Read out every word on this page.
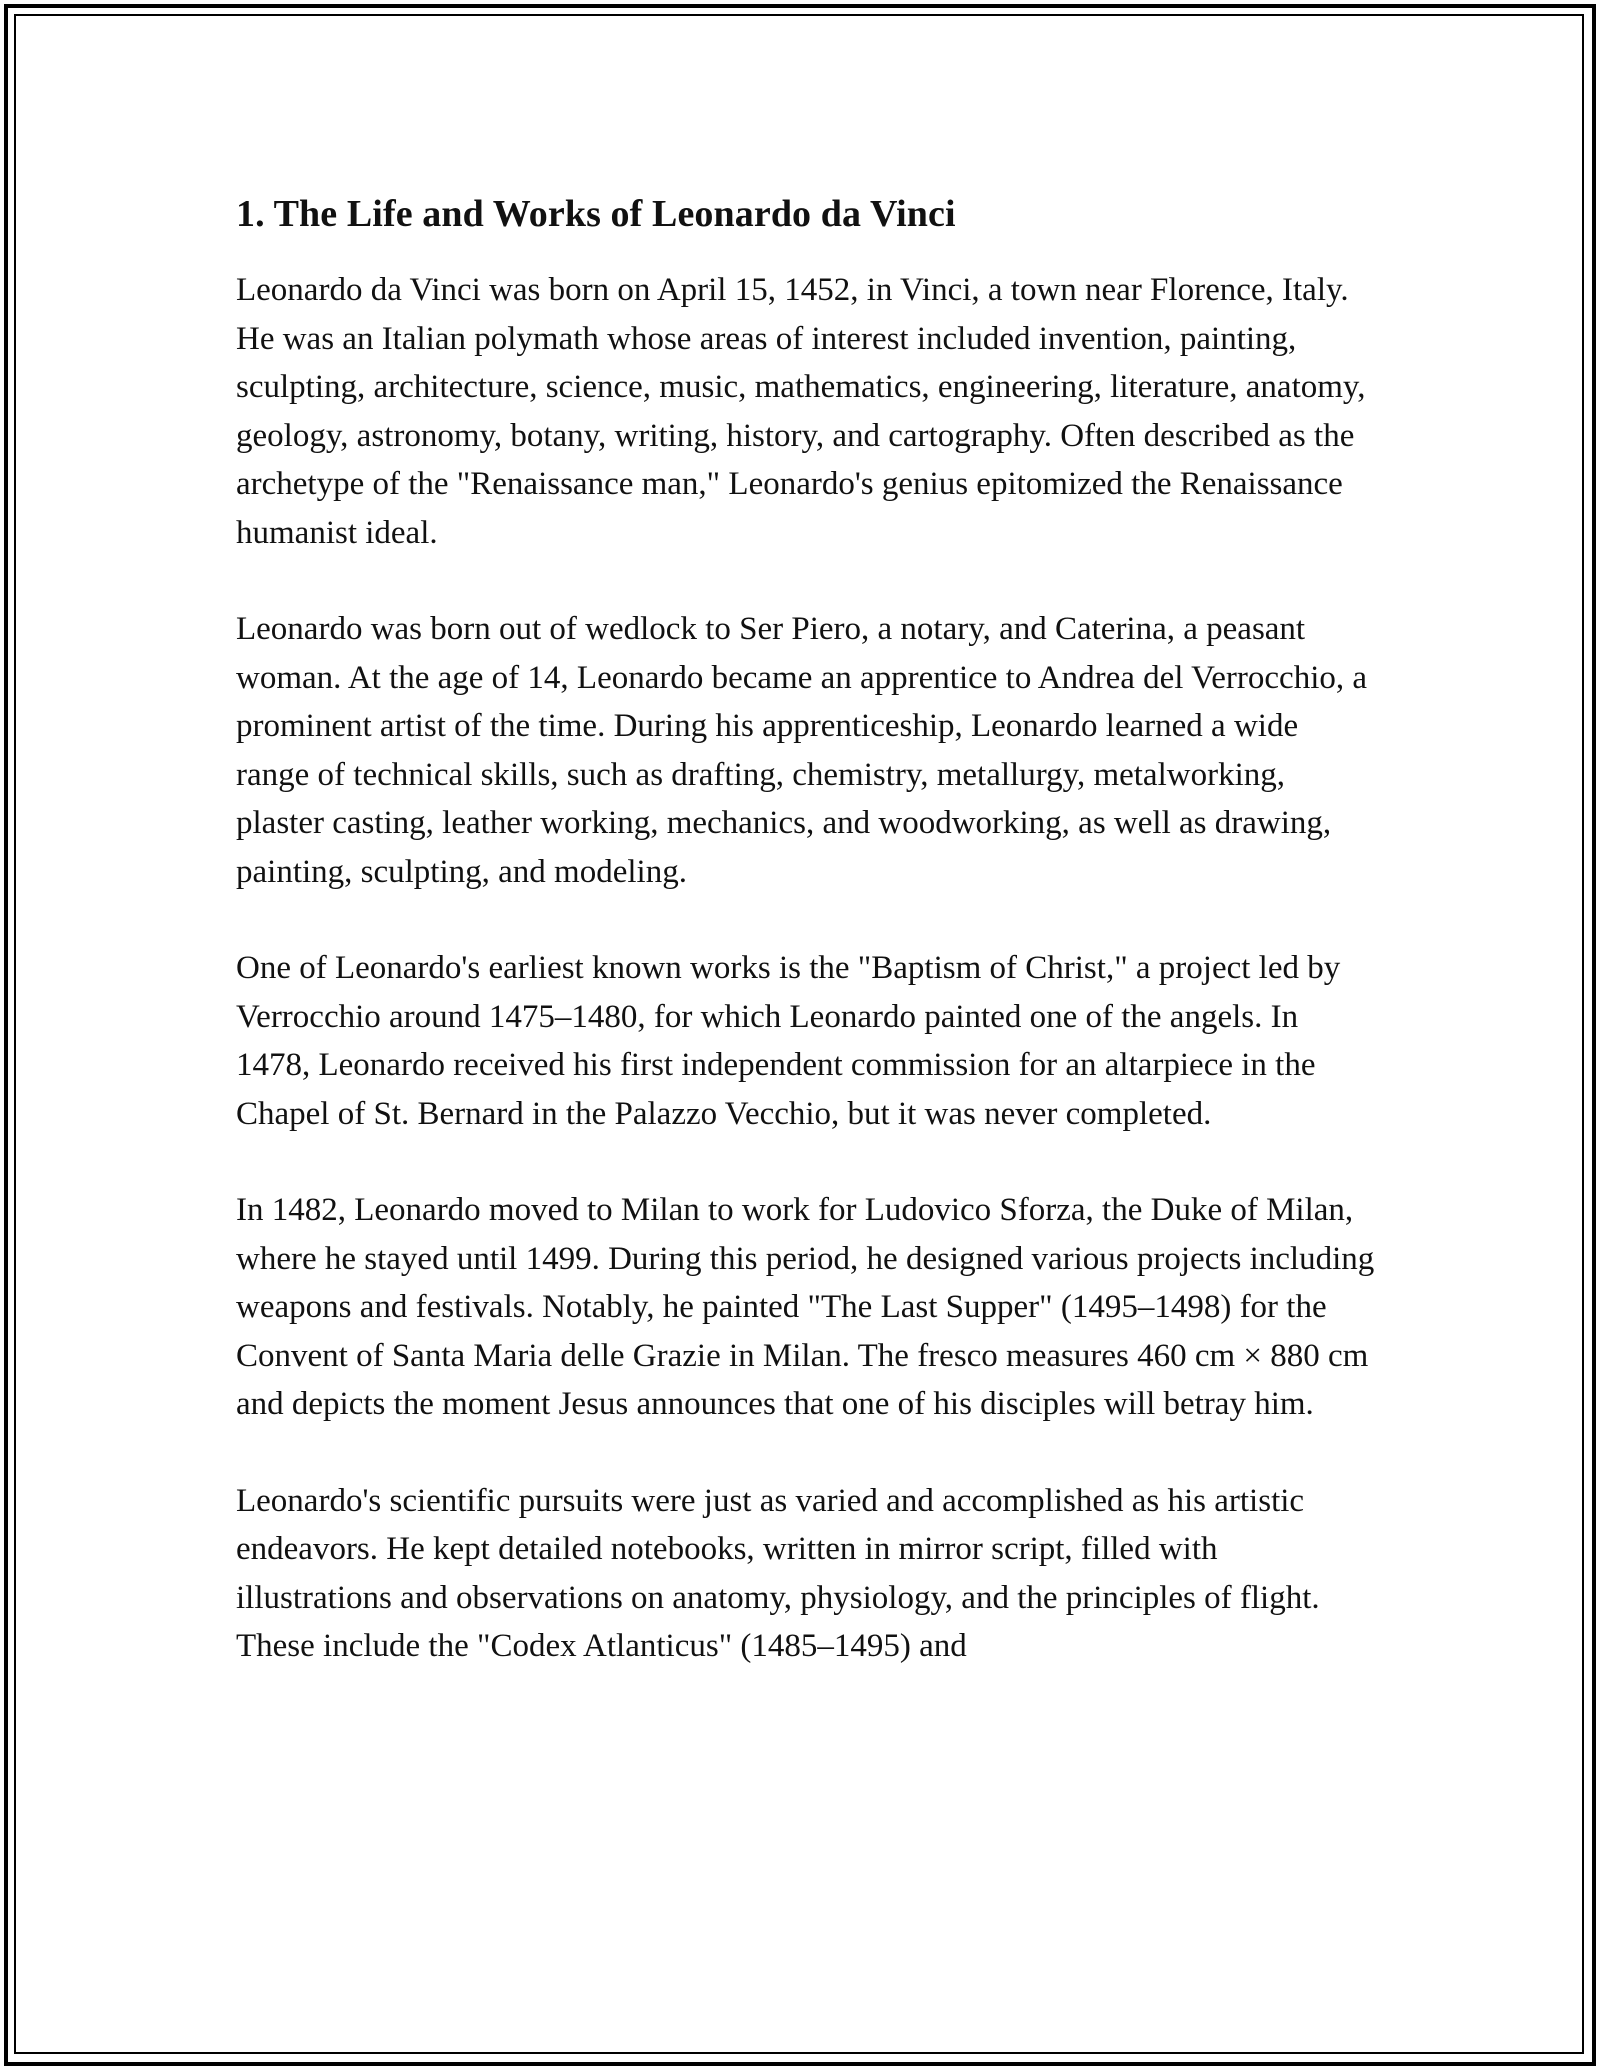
1. The Life and Works of Leonardo da Vinci

Leonardo da Vinci was born on April 15, 1452, in Vinci, a town near Florence, Italy. He was an Italian polymath whose areas of interest included invention, painting, sculpting, architecture, science, music, mathematics, engineering, literature, anatomy, geology, astronomy, botany, writing, history, and cartography. Often described as the archetype of the "Renaissance man," Leonardo's genius epitomized the Renaissance humanist ideal.

Leonardo was born out of wedlock to Ser Piero, a notary, and Caterina, a peasant woman. At the age of 14, Leonardo became an apprentice to Andrea del Verrocchio, a prominent artist of the time. During his apprenticeship, Leonardo learned a wide range of technical skills, such as drafting, chemistry, metallurgy, metalworking, plaster casting, leather working, mechanics, and woodworking, as well as drawing, painting, sculpting, and modeling.

One of Leonardo's earliest known works is the "Baptism of Christ," a project led by Verrocchio around 1475–1480, for which Leonardo painted one of the angels. In 1478, Leonardo received his first independent commission for an altarpiece in the Chapel of St. Bernard in the Palazzo Vecchio, but it was never completed.

In 1482, Leonardo moved to Milan to work for Ludovico Sforza, the Duke of Milan, where he stayed until 1499. During this period, he designed various projects including weapons and festivals. Notably, he painted "The Last Supper" (1495–1498) for the Convent of Santa Maria delle Grazie in Milan. The fresco measures 460 cm × 880 cm and depicts the moment Jesus announces that one of his disciples will betray him.

Leonardo's scientific pursuits were just as varied and accomplished as his artistic endeavors. He kept detailed notebooks, written in mirror script, filled with illustrations and observations on anatomy, physiology, and the principles of flight. These include the "Codex Atlanticus" (1485–1495) and
